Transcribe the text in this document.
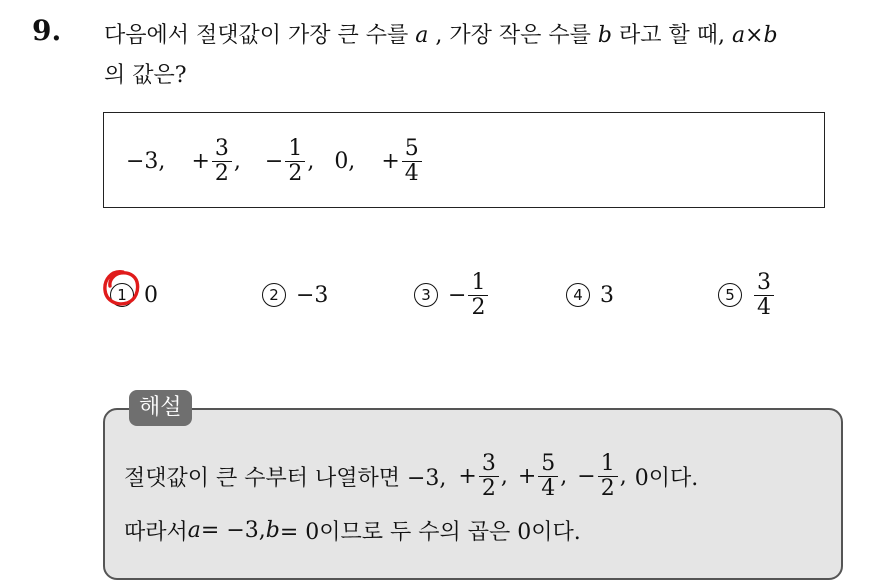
9. 다음에서 절댓값이 가장 큰 수를 a , 가장 작은 수를 b 라고 할 때, a×b
의 값은?
−3, + $\frac{3}{2}$ , − $\frac{1}{2}$ , 0, + $\frac{5}{4}$
1 0	2 −3	$3 - \frac{1}{2}$	4 3	$5 \frac{3}{4}$
해설
절댓값이 큰 수부터 나열하면 −3, + $\frac{3}{2}$ , + $\frac{5}{4}$ , − $\frac{1}{2}$ , 0이다.
따라서 a = −3, b = 0이므로 두 수의 곱은 0이다.
